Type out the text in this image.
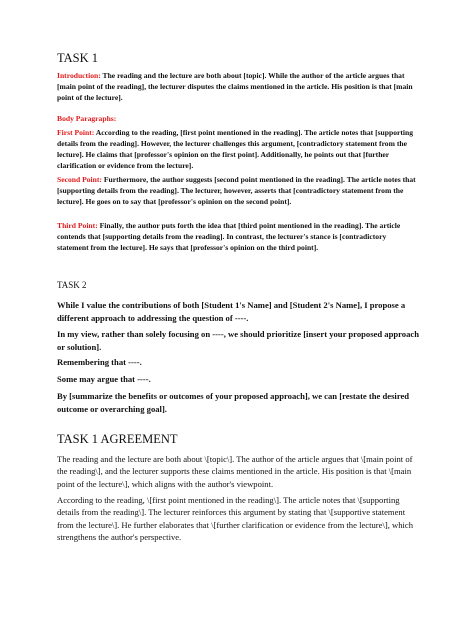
TASK 1
Introduction: The reading and the lecture are both about [topic]. While the author of the article argues that [main point of the reading], the lecturer disputes the claims mentioned in the article. His position is that [main point of the lecture].
Body Paragraphs:
First Point: According to the reading, [first point mentioned in the reading]. The article notes that [supporting details from the reading]. However, the lecturer challenges this argument, [contradictory statement from the lecture]. He claims that [professor's opinion on the first point]. Additionally, he points out that [further clarification or evidence from the lecture].
Second Point: Furthermore, the author suggests [second point mentioned in the reading]. The article notes that [supporting details from the reading]. The lecturer, however, asserts that [contradictory statement from the lecture]. He goes on to say that [professor's opinion on the second point].
Third Point: Finally, the author puts forth the idea that [third point mentioned in the reading]. The article contends that [supporting details from the reading]. In contrast, the lecturer's stance is [contradictory statement from the lecture]. He says that [professor's opinion on the third point].
TASK 2
While I value the contributions of both [Student 1's Name] and [Student 2's Name], I propose a different approach to addressing the question of ----.
In my view, rather than solely focusing on ----, we should prioritize [insert your proposed approach or solution].
Remembering that ----.
Some may argue that ----.
By [summarize the benefits or outcomes of your proposed approach], we can [restate the desired outcome or overarching goal].
TASK 1 AGREEMENT
The reading and the lecture are both about \[topic\]. The author of the article argues that \[main point of the reading\], and the lecturer supports these claims mentioned in the article. His position is that \[main point of the lecture\], which aligns with the author's viewpoint.
According to the reading, \[first point mentioned in the reading\]. The article notes that \[supporting details from the reading\]. The lecturer reinforces this argument by stating that \[supportive statement from the lecture\]. He further elaborates that \[further clarification or evidence from the lecture\], which strengthens the author's perspective.
